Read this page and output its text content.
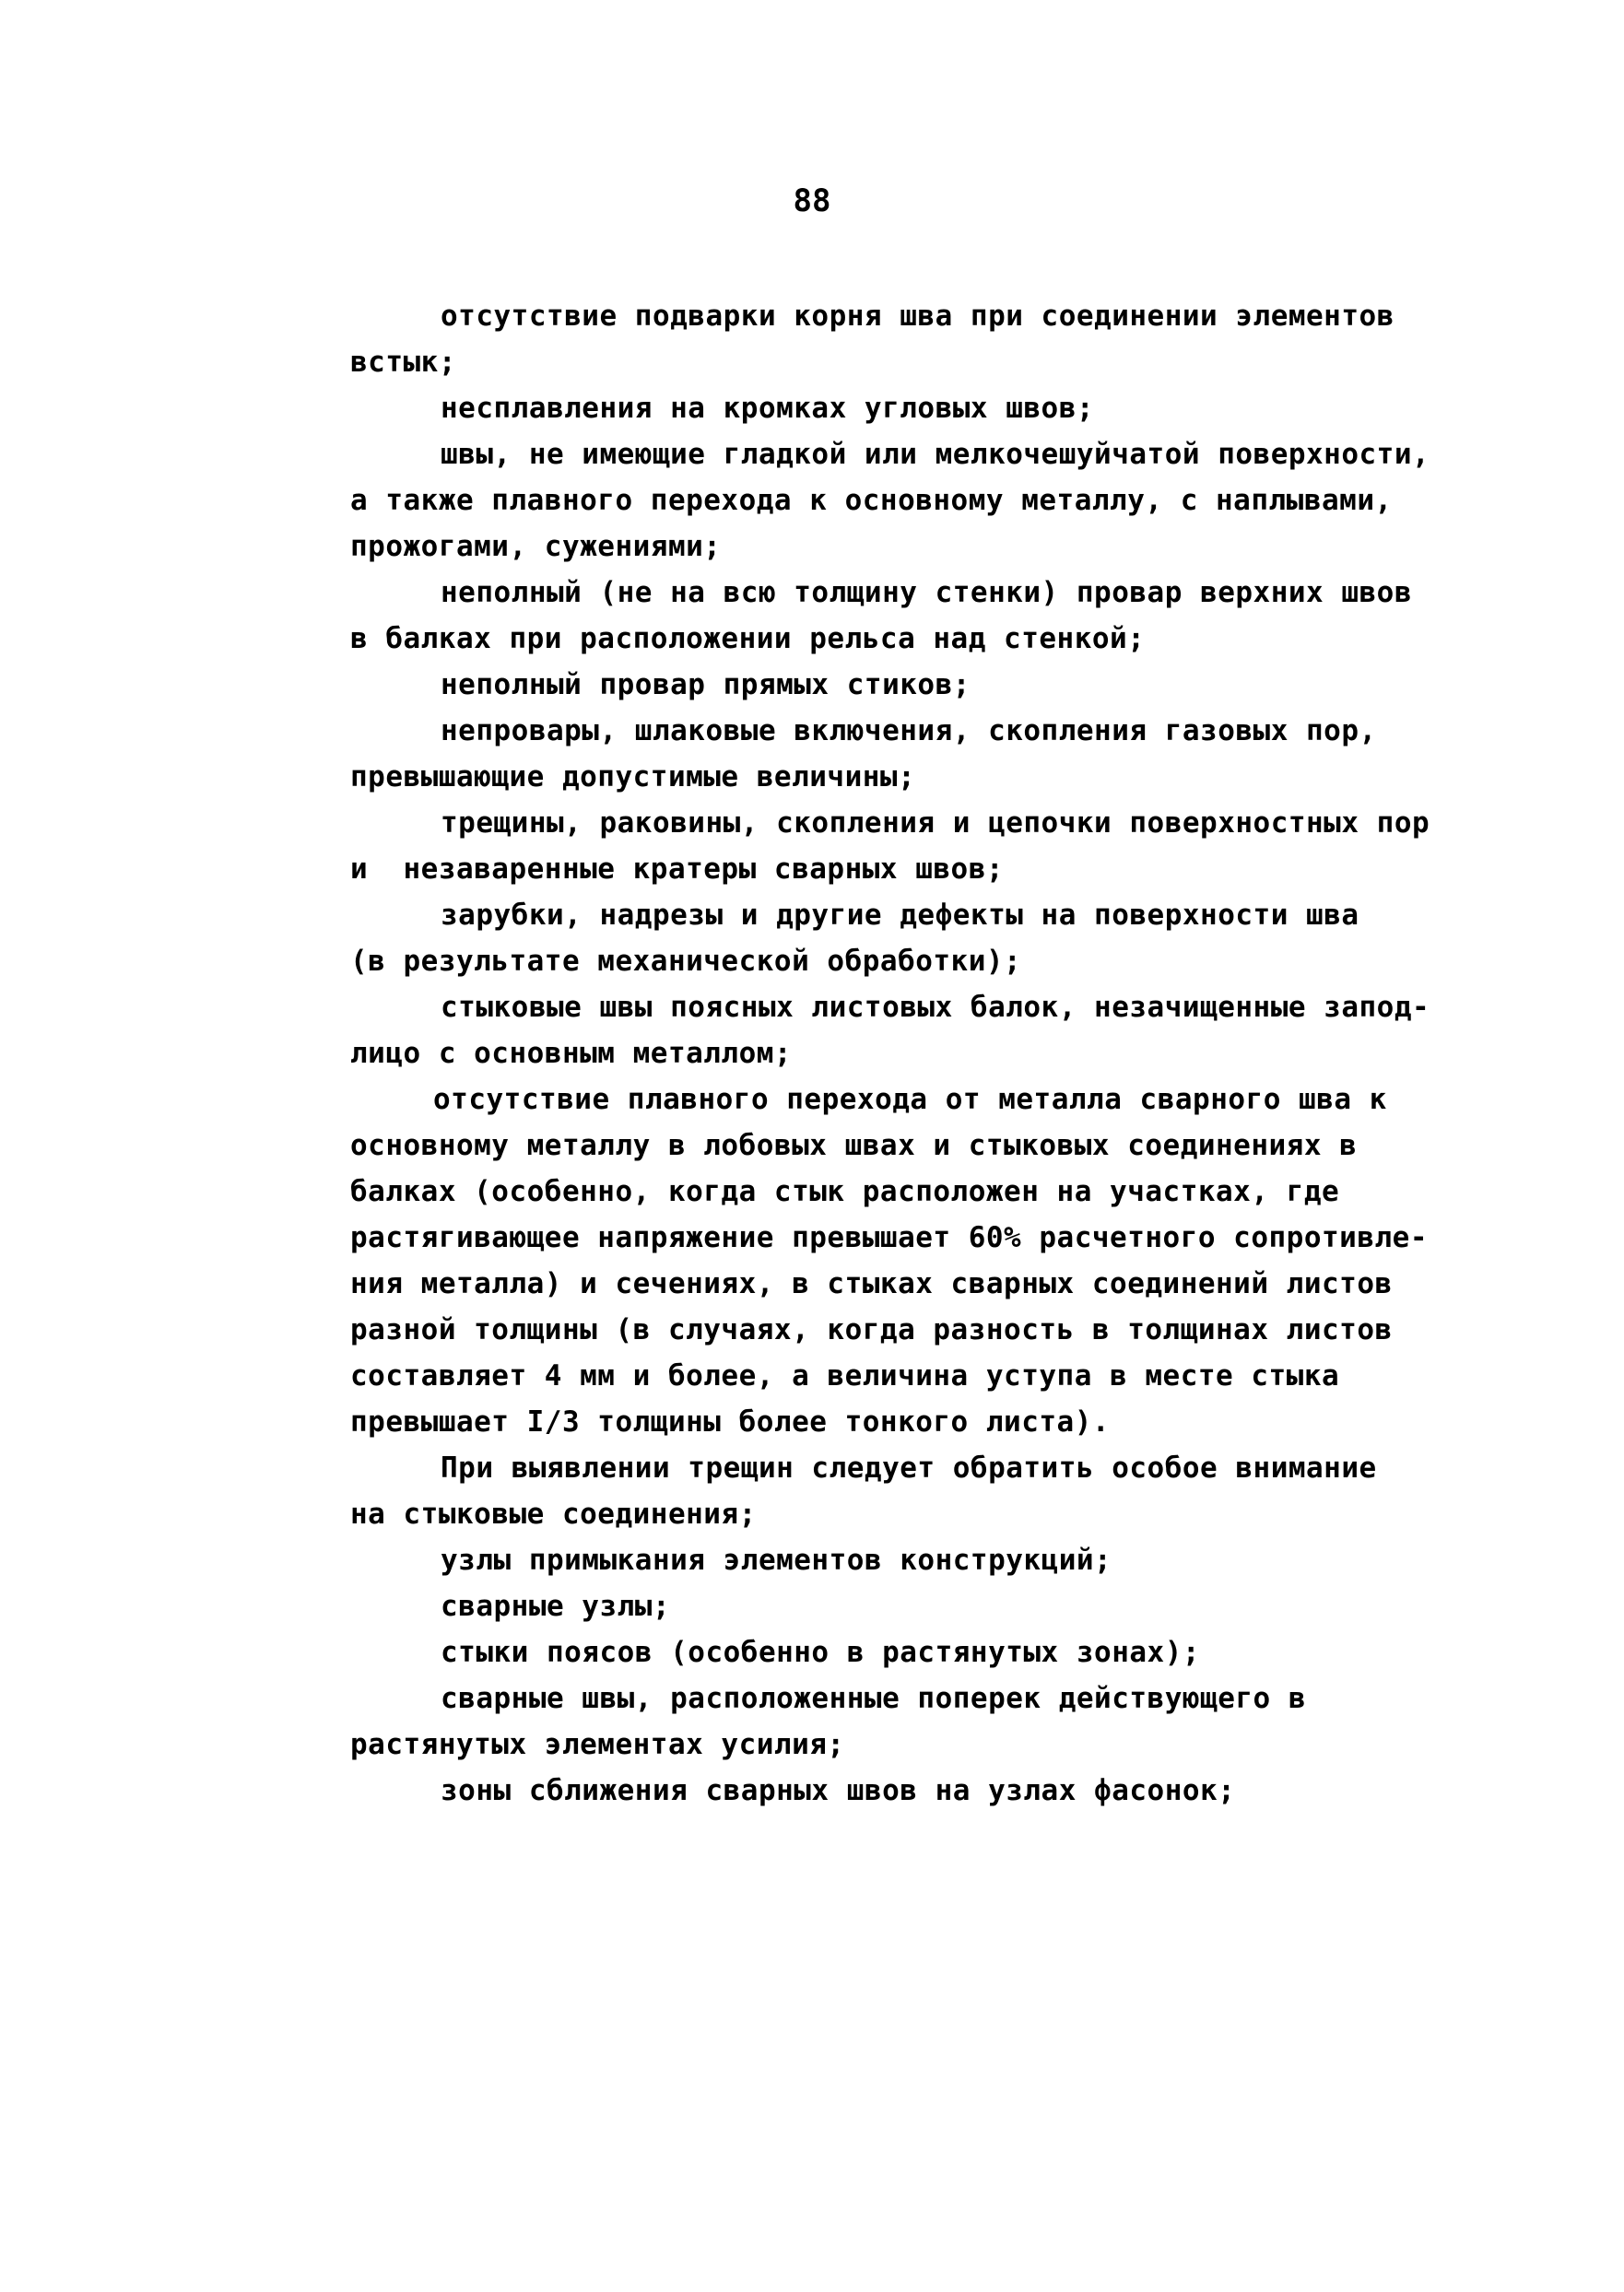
88
отсутствие подварки корня шва при соединении элементов
встык;
несплавления на кромках угловых швов;
швы, не имеющие гладкой или мелкочешуйчатой поверхности,
а также плавного перехода к основному металлу, с наплывами,
прожогами, сужениями;
неполный (не на всю толщину стенки) провар верхних швов
в балках при расположении рельса над стенкой;
неполный провар прямых стиков;
непровары, шлаковые включения, скопления газовых пор,
превышающие допустимые величины;
трещины, раковины, скопления и цепочки поверхностных пор
и  незаваренные кратеры сварных швов;
зарубки, надрезы и другие дефекты на поверхности шва
(в результате механической обработки);
стыковые швы поясных листовых балок, незачищенные запод-
лицо с основным металлом;
отсутствие плавного перехода от металла сварного шва к
основному металлу в лобовых швах и стыковых соединениях в
балках (особенно, когда стык расположен на участках, где
растягивающее напряжение превышает 60% расчетного сопротивле-
ния металла) и сечениях, в стыках сварных соединений листов
разной толщины (в случаях, когда разность в толщинах листов
составляет 4 мм и более, а величина уступа в месте стыка
превышает I/3 толщины более тонкого листа).
При выявлении трещин следует обратить особое внимание
на стыковые соединения;
узлы примыкания элементов конструкций;
сварные узлы;
стыки поясов (особенно в растянутых зонах);
сварные швы, расположенные поперек действующего в
растянутых элементах усилия;
зоны сближения сварных швов на узлах фасонок;
